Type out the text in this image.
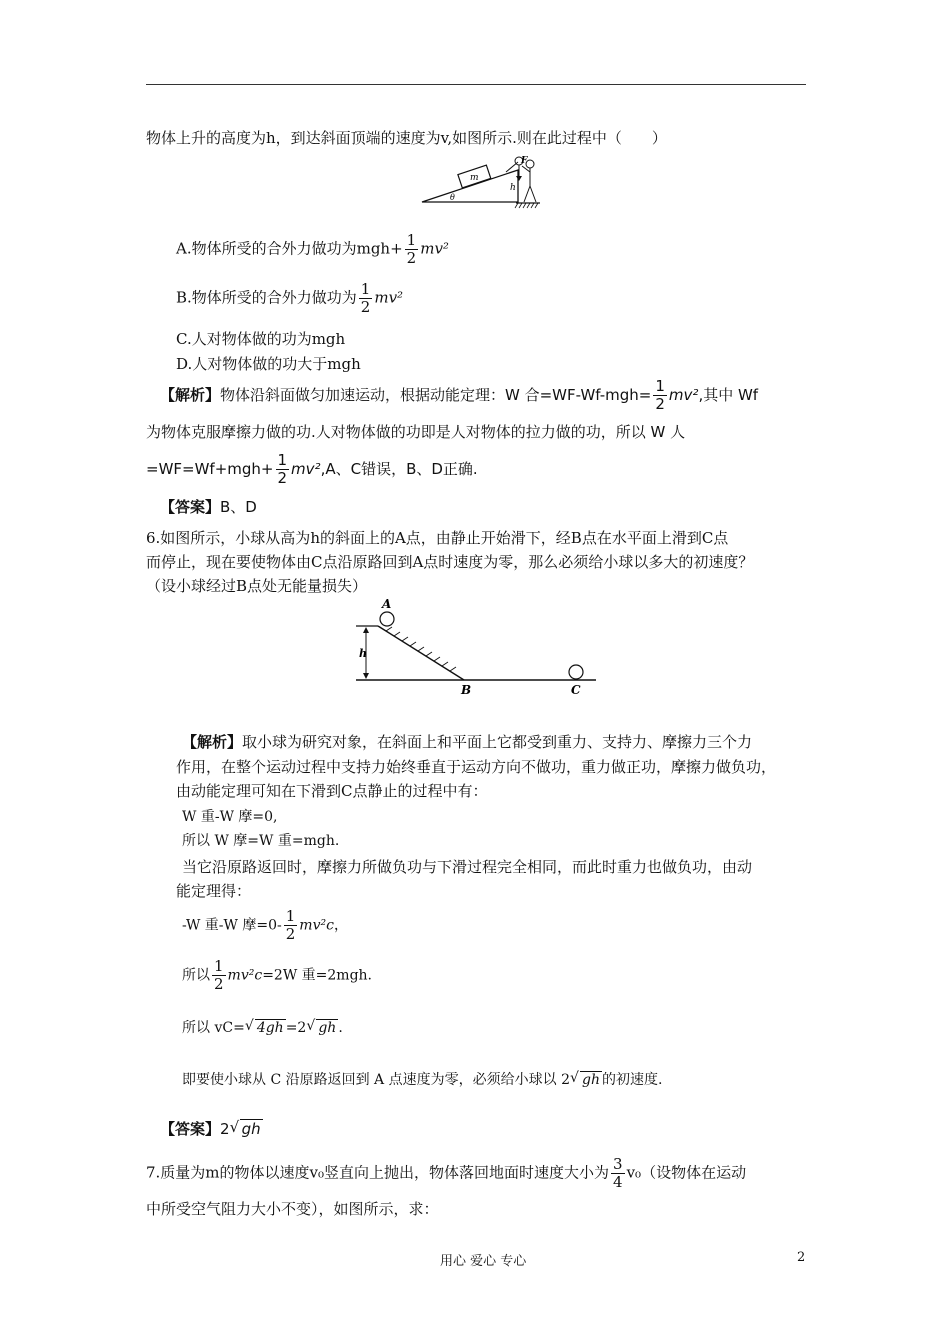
物体上升的高度为h，到达斜面顶端的速度为v,如图所示.则在此过程中（　　）
m
F
h
θ
A.物体所受的合外力做功为$mgh+ \frac{1}{2} mv^2$
B.物体所受的合外力做功为 $\frac{1}{2} mv^2$
C.人对物体做的功为mgh
D.人对物体做的功大于mgh
【解析】物体沿斜面做匀加速运动，根据动能定理：W 合$=WF-Wf-mgh= \frac{1}{2} mv^2$,其中 Wf
为物体克服摩擦力做的功.人对物体做的功即是人对物体的拉力做的功，所以 W 人
$=WF=Wf+mgh+ \frac{1}{2} mv^2,A$、C错误，B、D正确.
【答案】B、D
6.如图所示，小球从高为h的斜面上的A点，由静止开始滑下，经B点在水平面上滑到C点
而停止，现在要使物体由C点沿原路回到A点时速度为零，那么必须给小球以多大的初速度？
（设小球经过B点处无能量损失）
h
A
B	C
【解析】取小球为研究对象，在斜面上和平面上它都受到重力、支持力、摩擦力三个力
作用，在整个运动过程中支持力始终垂直于运动方向不做功，重力做正功，摩擦力做负功，
由动能定理可知在下滑到C点静止的过程中有：
W 重-W 摩=0,
所以 W 摩=W 重=mgh.
当它沿原路返回时，摩擦力所做负功与下滑过程完全相同，而此时重力也做负功，由动
能定理得：
-W 重-W 摩$=0- \frac{1}{2} mv^2c$，
所以 $\frac{1}{2} mv^2c=2W$ 重=2mgh.
所以 vC= √ 4gh =2 √ gh .
即要使小球从 C 沿原路返回到 A 点速度为零，必须给小球以 2 √ gh 的初速度.
【答案】2 √ gh
7.质量为m的物体以速度v₀竖直向上抛出，物体落回地面时速度大小为 $\frac{3}{4} v_0$（设物体在运动
中所受空气阻力大小不变），如图所示，求：
用心 爱心 专心	2
